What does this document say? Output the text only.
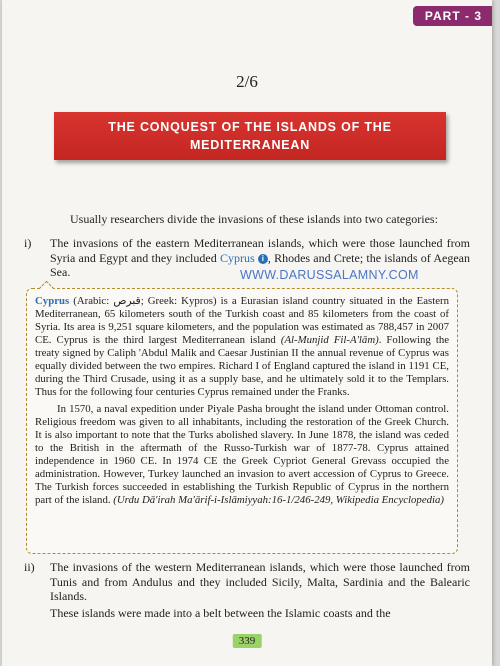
PART - 3
2/6
THE CONQUEST OF THE ISLANDS OF THE MEDITERRANEAN
Usually researchers divide the invasions of these islands into two categories:
i) The invasions of the eastern Mediterranean islands, which were those launched from Syria and Egypt and they included Cyprus i , Rhodes and Crete; the islands of Aegean Sea.	WWW.DARUSSALAMNY.COM

Cyprus (Arabic: قبرص; Greek: Kypros) is a Eurasian island country situated in the Eastern Mediterranean, 65 kilometers south of the Turkish coast and 85 kilometers from the coast of Syria. Its area is 9,251 square kilometers, and the population was estimated as 788,457 in 2007 CE. Cyprus is the third largest Mediterranean island (Al-Munjid Fil-A'lām). Following the treaty signed by Caliph 'Abdul Malik and Caesar Justinian II the annual revenue of Cyprus was equally divided between the two empires. Richard I of England captured the island in 1191 CE, during the Third Crusade, using it as a supply base, and he ultimately sold it to the Templars. Thus for the following four centuries Cyprus remained under the Franks.

In 1570, a naval expedition under Piyale Pasha brought the island under Ottoman control. Religious freedom was given to all inhabitants, including the restoration of the Greek Church. It is also important to note that the Turks abolished slavery. In June 1878, the island was ceded to the British in the aftermath of the Russo-Turkish war of 1877-78. Cyprus attained independence in 1960 CE. In 1974 CE the Greek Cypriot General Grevass occupied the administration. However, Turkey launched an invasion to avert accession of Cyprus to Greece. The Turkish forces succeeded in establishing the Turkish Republic of Cyprus in the northern part of the island. (Urdu Dā'irah Ma'ārif-i-Islāmiyyah:16-1/246-249, Wikipedia Encyclopedia)

ii) The invasions of the western Mediterranean islands, which were those launched from Tunis and from Andulus and they included Sicily, Malta, Sardinia and the Balearic Islands.
These islands were made into a belt between the Islamic coasts and the
339
